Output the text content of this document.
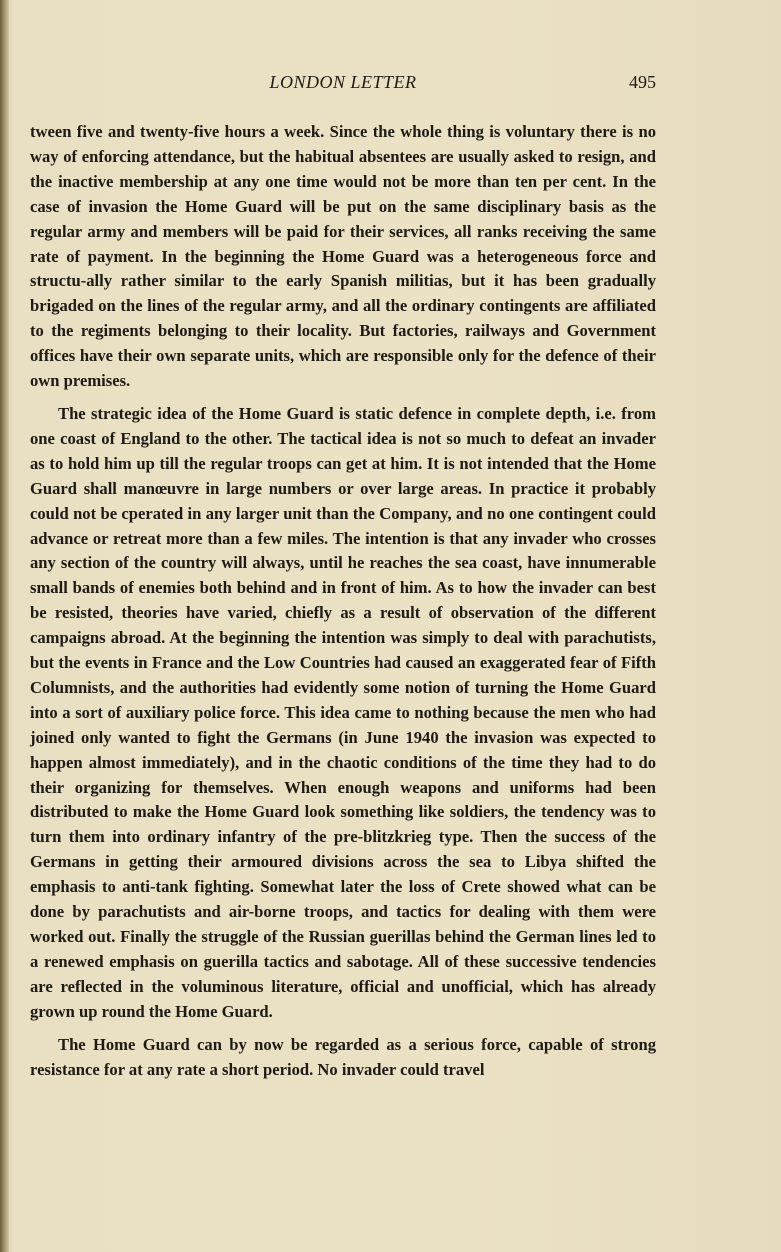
LONDON LETTER	495

tween five and twenty-five hours a week. Since the whole thing is voluntary there is no way of enforcing attendance, but the habitual absentees are usually asked to resign, and the inactive membership at any one time would not be more than ten per cent. In the case of invasion the Home Guard will be put on the same disciplinary basis as the regular army and members will be paid for their services, all ranks receiving the same rate of payment. In the beginning the Home Guard was a heterogeneous force and structu-ally rather similar to the early Spanish militias, but it has been gradually brigaded on the lines of the regular army, and all the ordinary contingents are affiliated to the regiments belonging to their locality. But factories, railways and Government offices have their own separate units, which are responsible only for the defence of their own premises.

The strategic idea of the Home Guard is static defence in complete depth, i.e. from one coast of England to the other. The tactical idea is not so much to defeat an invader as to hold him up till the regular troops can get at him. It is not intended that the Home Guard shall manœuvre in large numbers or over large areas. In practice it probably could not be cperated in any larger unit than the Company, and no one contingent could advance or retreat more than a few miles. The intention is that any invader who crosses any section of the country will always, until he reaches the sea coast, have innumerable small bands of enemies both behind and in front of him. As to how the invader can best be resisted, theories have varied, chiefly as a result of observation of the different campaigns abroad. At the beginning the intention was simply to deal with parachutists, but the events in France and the Low Countries had caused an exaggerated fear of Fifth Columnists, and the authorities had evidently some notion of turning the Home Guard into a sort of auxiliary police force. This idea came to nothing because the men who had joined only wanted to fight the Germans (in June 1940 the invasion was expected to happen almost immediately), and in the chaotic conditions of the time they had to do their organizing for themselves. When enough weapons and uniforms had been distributed to make the Home Guard look something like soldiers, the tendency was to turn them into ordinary infantry of the pre-blitzkrieg type. Then the success of the Germans in getting their armoured divisions across the sea to Libya shifted the emphasis to anti-tank fighting. Somewhat later the loss of Crete showed what can be done by parachutists and air-borne troops, and tactics for dealing with them were worked out. Finally the struggle of the Russian guerillas behind the German lines led to a renewed emphasis on guerilla tactics and sabotage. All of these successive tendencies are reflected in the voluminous literature, official and unofficial, which has already grown up round the Home Guard.

The Home Guard can by now be regarded as a serious force, capable of strong resistance for at any rate a short period. No invader could travel
